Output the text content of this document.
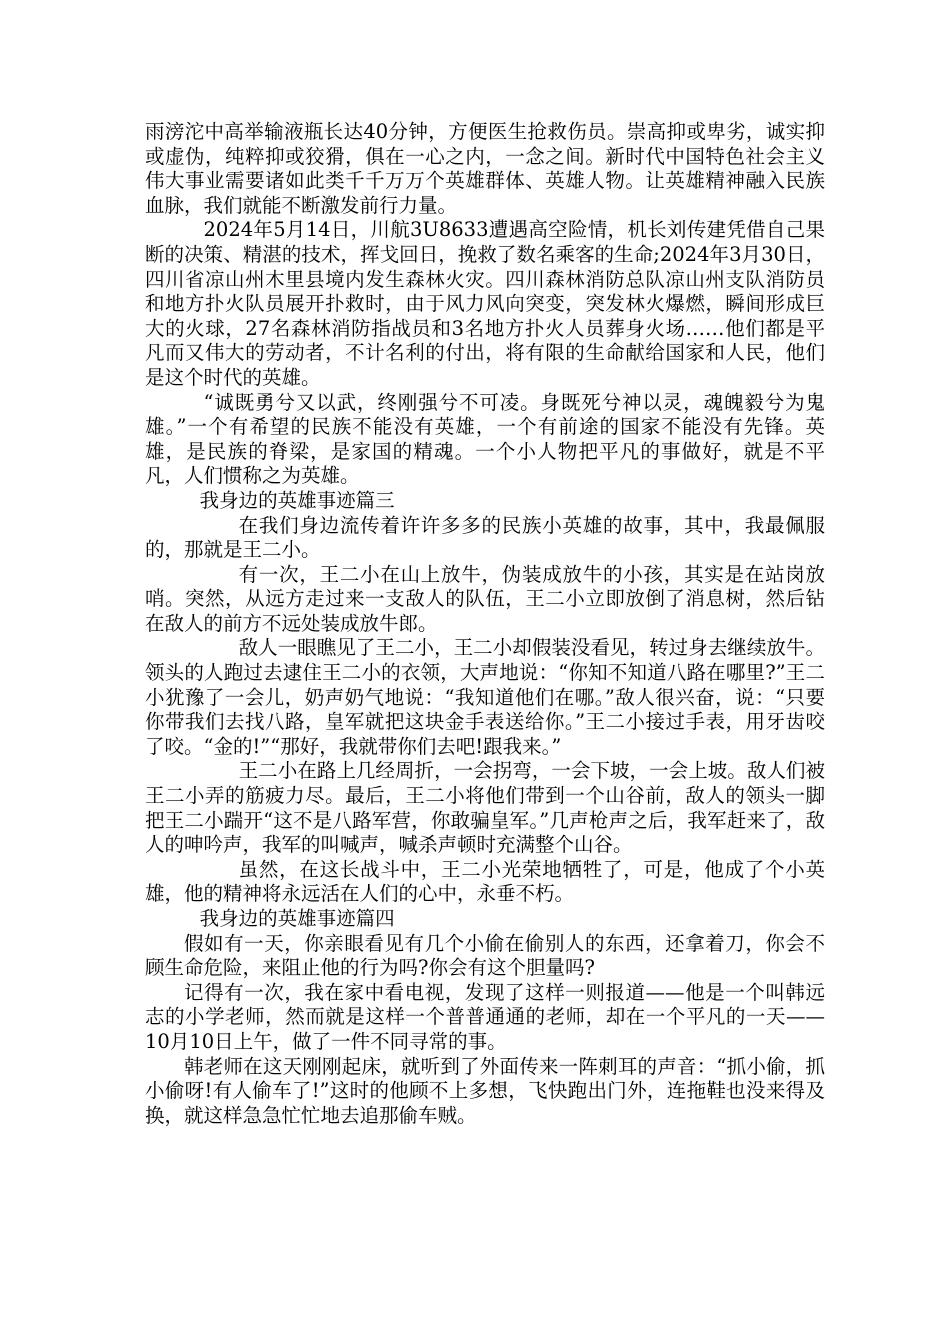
雨滂沱中高举输液瓶长达40分钟，方便医生抢救伤员。崇高抑或卑劣，诚实抑或虚伪，纯粹抑或狡猾，俱在一心之内，一念之间。新时代中国特色社会主义伟大事业需要诸如此类千千万万个英雄群体、英雄人物。让英雄精神融入民族血脉，我们就能不断激发前行力量。

2024年5月14日，川航3U8633遭遇高空险情，机长刘传建凭借自己果断的决策、精湛的技术，挥戈回日，挽救了数名乘客的生命;2024年3月30日，四川省凉山州木里县境内发生森林火灾。四川森林消防总队凉山州支队消防员和地方扑火队员展开扑救时，由于风力风向突变，突发林火爆燃，瞬间形成巨大的火球，27名森林消防指战员和3名地方扑火人员葬身火场……他们都是平凡而又伟大的劳动者，不计名利的付出，将有限的生命献给国家和人民，他们是这个时代的英雄。

“诚既勇兮又以武，终刚强兮不可凌。身既死兮神以灵，魂魄毅兮为鬼雄。”一个有希望的民族不能没有英雄，一个有前途的国家不能没有先锋。英雄，是民族的脊梁，是家国的精魂。一个小人物把平凡的事做好，就是不平凡，人们惯称之为英雄。

我身边的英雄事迹篇三

在我们身边流传着许许多多的民族小英雄的故事，其中，我最佩服的，那就是王二小。

有一次，王二小在山上放牛，伪装成放牛的小孩，其实是在站岗放哨。突然，从远方走过来一支敌人的队伍，王二小立即放倒了消息树，然后钻在敌人的前方不远处装成放牛郎。

敌人一眼瞧见了王二小，王二小却假装没看见，转过身去继续放牛。领头的人跑过去逮住王二小的衣领，大声地说：“你知不知道八路在哪里?”王二小犹豫了一会儿，奶声奶气地说：“我知道他们在哪。”敌人很兴奋，说：“只要你带我们去找八路，皇军就把这块金手表送给你。”王二小接过手表，用牙齿咬了咬。“金的!”“那好，我就带你们去吧!跟我来。”

王二小在路上几经周折，一会拐弯，一会下坡，一会上坡。敌人们被王二小弄的筋疲力尽。最后，王二小将他们带到一个山谷前，敌人的领头一脚把王二小踹开“这不是八路军营，你敢骗皇军。”几声枪声之后，我军赶来了，敌人的呻吟声，我军的叫喊声，喊杀声顿时充满整个山谷。

虽然，在这长战斗中，王二小光荣地牺牲了，可是，他成了个小英雄，他的精神将永远活在人们的心中，永垂不朽。

我身边的英雄事迹篇四

假如有一天，你亲眼看见有几个小偷在偷别人的东西，还拿着刀，你会不顾生命危险，来阻止他的行为吗?你会有这个胆量吗?

记得有一次，我在家中看电视，发现了这样一则报道——他是一个叫韩远志的小学老师，然而就是这样一个普普通通的老师，却在一个平凡的一天——10月10日上午，做了一件不同寻常的事。

韩老师在这天刚刚起床，就听到了外面传来一阵刺耳的声音：“抓小偷，抓小偷呀!有人偷车了!”这时的他顾不上多想，飞快跑出门外，连拖鞋也没来得及换，就这样急急忙忙地去追那偷车贼。
